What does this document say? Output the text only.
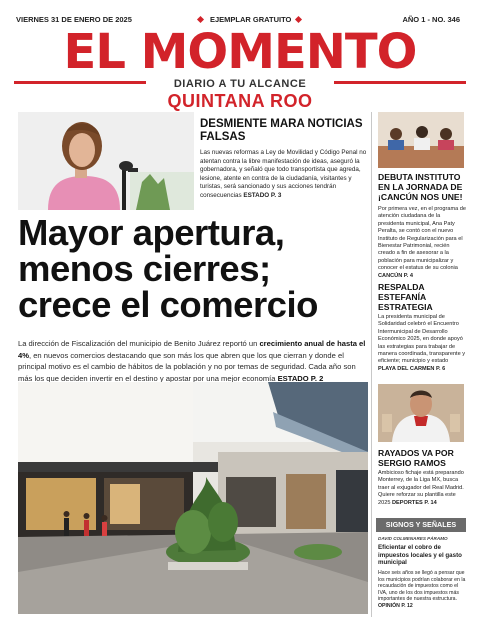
VIERNES 31 DE ENERO DE 2025	EJEMPLAR GRATUITO	AÑO 1 - NO. 346
EL MOMENTO
DIARIO A TU ALCANCE
QUINTANA ROO
DESMIENTE MARA NOTICIAS FALSAS
Las nuevas reformas a Ley de Movilidad y Código Penal no atentan contra la libre manifestación de ideas, aseguró la gobernadora, y señaló que todo transportista que agreda, lesione, atente en contra de la ciudadanía, visitantes y turistas, será sancionado y sus acciones tendrán consecuencias ESTADO P. 3
Mayor apertura, menos cierres; crece el comercio
La dirección de Fiscalización del municipio de Benito Juárez reportó un crecimiento anual de hasta el 4%, en nuevos comercios destacando que son más los que abren que los que cierran y donde el principal motivo es el cambio de hábitos de la población y no por temas de seguridad. Cada año son más los que deciden invertir en el destino y apostar por una mejor economía ESTADO P. 2
DEBUTA INSTITUTO EN LA JORNADA DE ¡CANCÚN NOS UNE!
Por primera vez, en el programa de atención ciudadana de la presidenta municipal, Ana Paty Peralta, se contó con el nuevo Instituto de Regularización para el Bienestar Patrimonial, recién creado a fin de asesorar a la población para municipalizar y conocer el estatus de su colonia CANCÚN P. 4
RESPALDA ESTEFANÍA ESTRATEGIA
La presidenta municipal de Solidaridad celebró el Encuentro Intermunicipal de Desarrollo Económico 2025, en donde apoyó las estrategias para trabajar de manera coordinada, transparente y eficiente; municipio y estado PLAYA DEL CARMEN P. 6
RAYADOS VA POR SERGIO RAMOS
Ambicioso fichaje está preparando Monterrey, de la Liga MX, busca traer al exjugador del Real Madrid. Quiere reforzar su plantilla este 2025 DEPORTES P. 14
SIGNOS Y SEÑALES
DAVID COLMENARES PÁRAMO
Eficientar el cobro de impuestos locales y el gasto municipal
Hace seis años se llegó a pensar que los municipios podrían colaborar en la recaudación de impuestos como el IVA, uno de los dos impuestos más importantes de nuestra estructura. OPINIÓN P. 12
